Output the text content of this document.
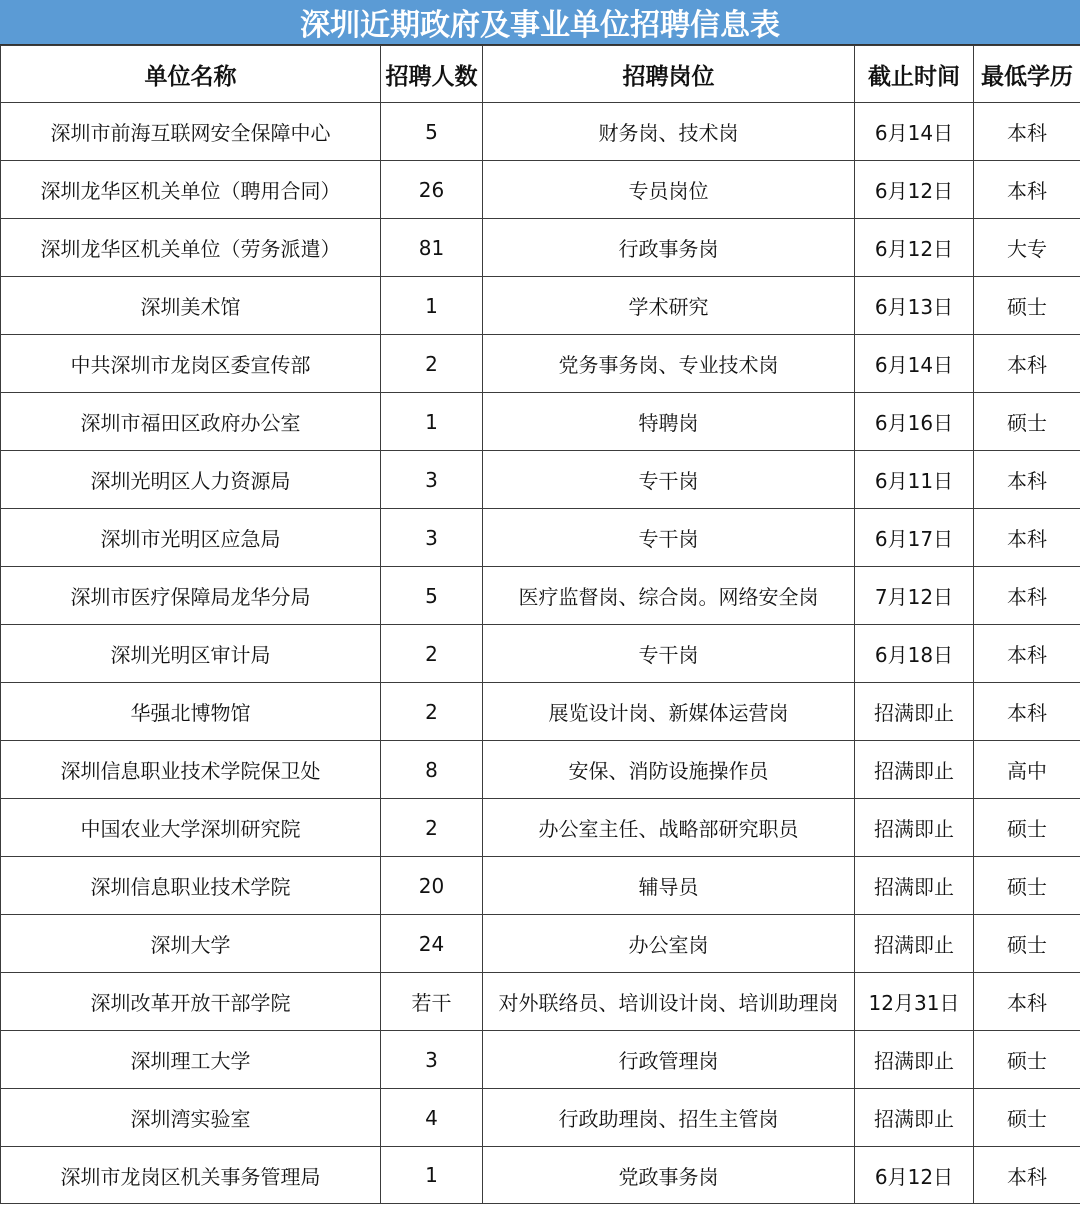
深圳近期政府及事业单位招聘信息表
单位名称	招聘人数	招聘岗位	截止时间	最低学历
深圳市前海互联网安全保障中心	5	财务岗、技术岗	6月14日	本科
深圳龙华区机关单位（聘用合同）	26	专员岗位	6月12日	本科
深圳龙华区机关单位（劳务派遣）	81	行政事务岗	6月12日	大专
深圳美术馆	1	学术研究	6月13日	硕士
中共深圳市龙岗区委宣传部	2	党务事务岗、专业技术岗	6月14日	本科
深圳市福田区政府办公室	1	特聘岗	6月16日	硕士
深圳光明区人力资源局	3	专干岗	6月11日	本科
深圳市光明区应急局	3	专干岗	6月17日	本科
深圳市医疗保障局龙华分局	5	医疗监督岗、综合岗。网络安全岗	7月12日	本科
深圳光明区审计局	2	专干岗	6月18日	本科
华强北博物馆	2	展览设计岗、新媒体运营岗	招满即止	本科
深圳信息职业技术学院保卫处	8	安保、消防设施操作员	招满即止	高中
中国农业大学深圳研究院	2	办公室主任、战略部研究职员	招满即止	硕士
深圳信息职业技术学院	20	辅导员	招满即止	硕士
深圳大学	24	办公室岗	招满即止	硕士
深圳改革开放干部学院	若干	对外联络员、培训设计岗、培训助理岗	12月31日	本科
深圳理工大学	3	行政管理岗	招满即止	硕士
深圳湾实验室	4	行政助理岗、招生主管岗	招满即止	硕士
深圳市龙岗区机关事务管理局	1	党政事务岗	6月12日	本科
